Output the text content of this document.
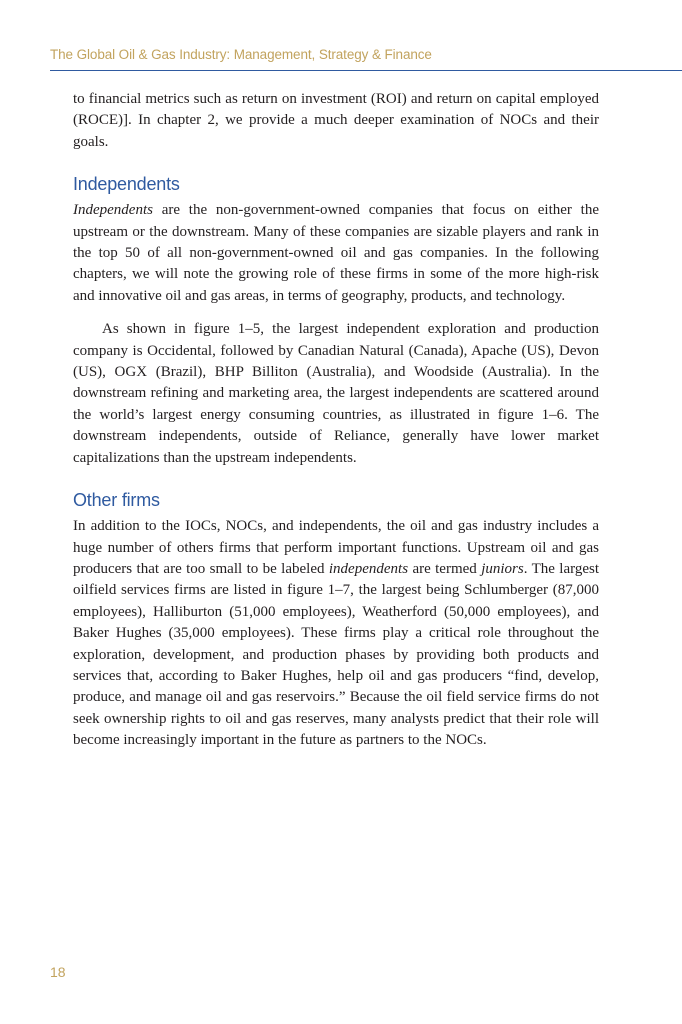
The Global Oil & Gas Industry: Management, Strategy & Finance

to financial metrics such as return on investment (ROI) and return on capital employed (ROCE)]. In chapter 2, we provide a much deeper examination of NOCs and their goals.

Independents

Independents are the non-government-owned companies that focus on either the upstream or the downstream. Many of these companies are sizable players and rank in the top 50 of all non-government-owned oil and gas companies. In the following chapters, we will note the growing role of these firms in some of the more high-risk and innovative oil and gas areas, in terms of geography, products, and technology.

As shown in figure 1–5, the largest independent exploration and production company is Occidental, followed by Canadian Natural (Canada), Apache (US), Devon (US), OGX (Brazil), BHP Billiton (Australia), and Woodside (Australia). In the downstream refining and marketing area, the largest independents are scattered around the world’s largest energy consuming countries, as illustrated in figure 1–6. The downstream independents, outside of Reliance, generally have lower market capitalizations than the upstream independents.

Other firms

In addition to the IOCs, NOCs, and independents, the oil and gas industry includes a huge number of others firms that perform important functions. Upstream oil and gas producers that are too small to be labeled independents are termed juniors. The largest oilfield services firms are listed in figure 1–7, the largest being Schlumberger (87,000 employees), Halliburton (51,000 employees), Weatherford (50,000 employees), and Baker Hughes (35,000 employees). These firms play a critical role throughout the exploration, development, and production phases by providing both products and services that, according to Baker Hughes, help oil and gas producers “find, develop, produce, and manage oil and gas reservoirs.” Because the oil field service firms do not seek ownership rights to oil and gas reserves, many analysts predict that their role will become increasingly important in the future as partners to the NOCs.

18
